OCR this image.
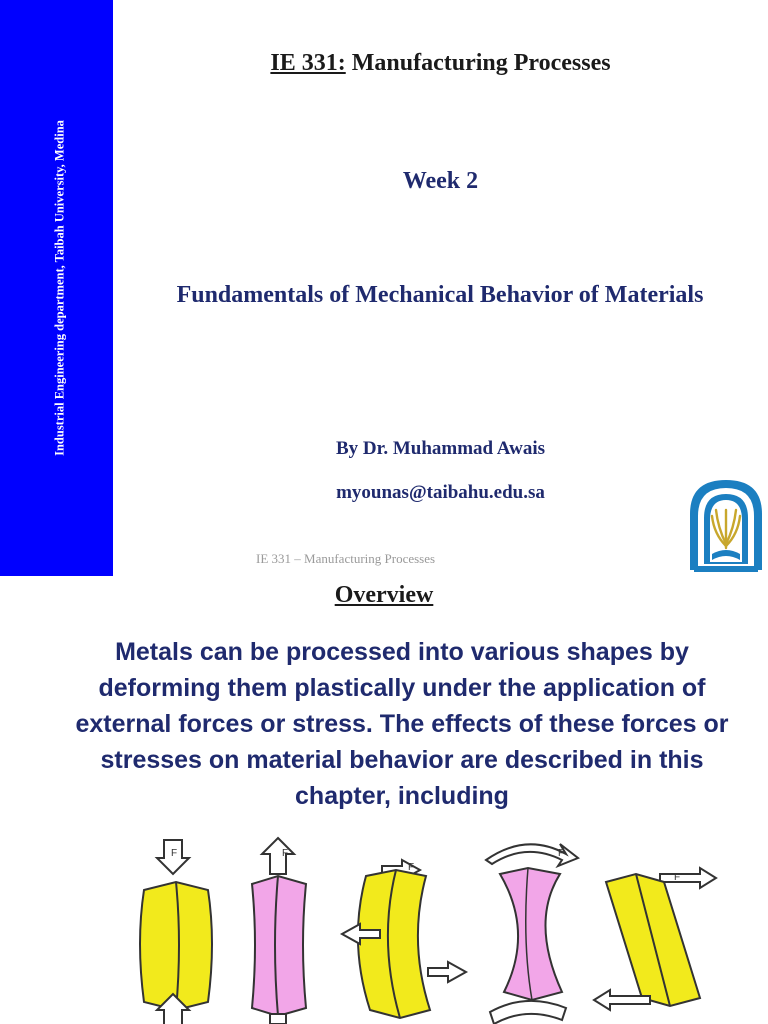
Industrial Engineering department, Taibah University, Medina
IE 331: Manufacturing Processes
Week 2
Fundamentals of Mechanical Behavior of Materials
By Dr. Muhammad Awais
myounas@taibahu.edu.sa
IE 331 – Manufacturing Processes
Overview
Metals can be processed into various shapes by deforming them plastically under the application of external forces or stress. The effects of these forces or stresses on material behavior are described in this chapter, including
F	F
F
F
F
